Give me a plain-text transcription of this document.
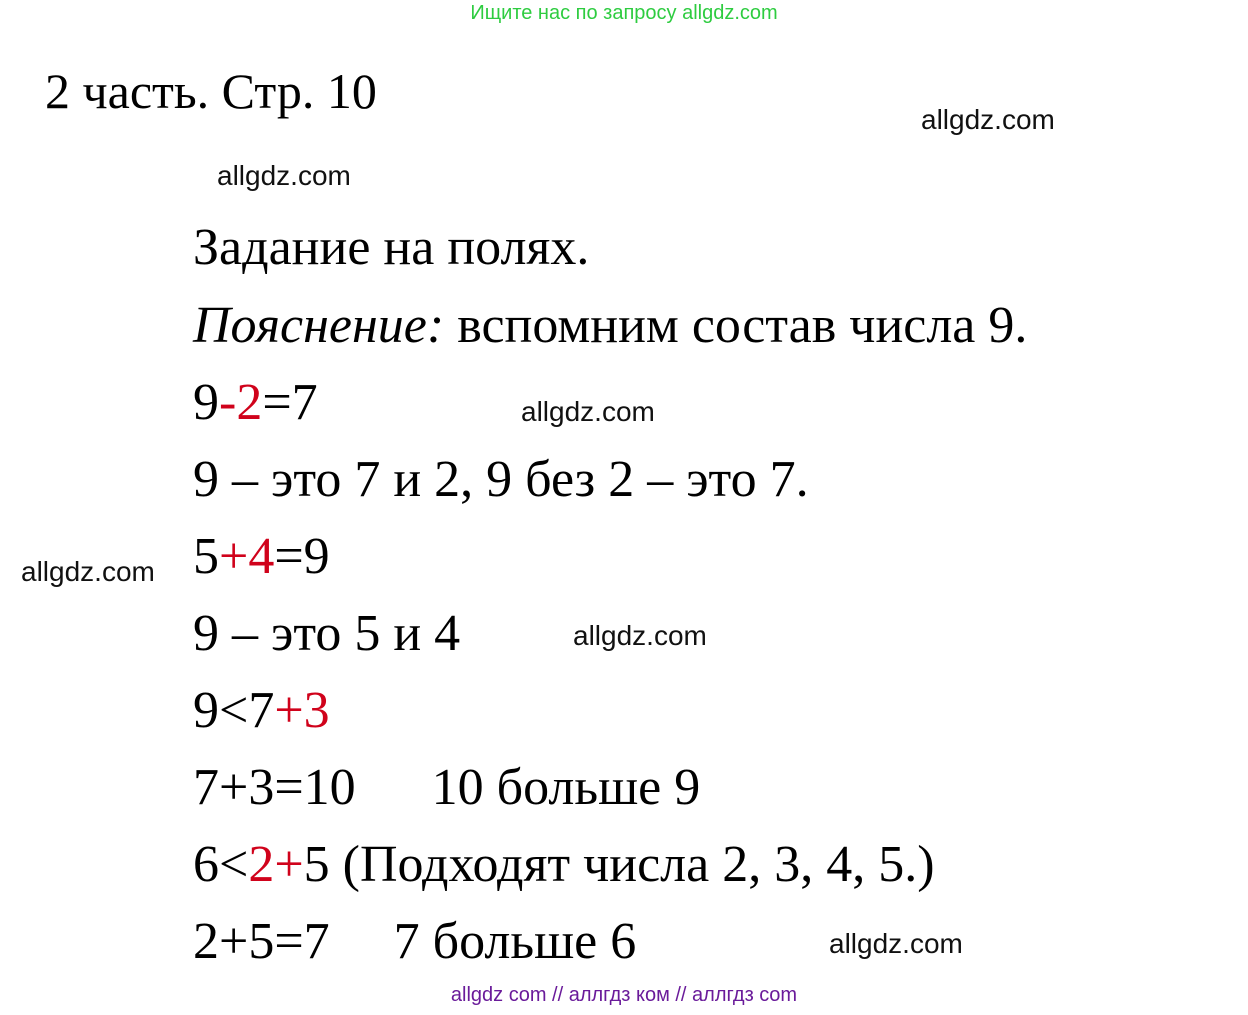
Ищите нас по запросу allgdz.com
2 часть. Стр. 10
allgdz.com
allgdz.com
allgdz.com
allgdz.com
allgdz.com
allgdz.com
Задание на полях.
Пояснение: вспомним состав числа 9.
9-2=7
9 – это 7 и 2, 9 без 2 – это 7.
5+4=9
9 – это 5 и 4
9<7+3
7+3=10 10 больше 9
6<2+5 (Подходят числа 2, 3, 4, 5.)
2+5=7 7 больше 6
allgdz com // аллгдз ком // аллгдз com
